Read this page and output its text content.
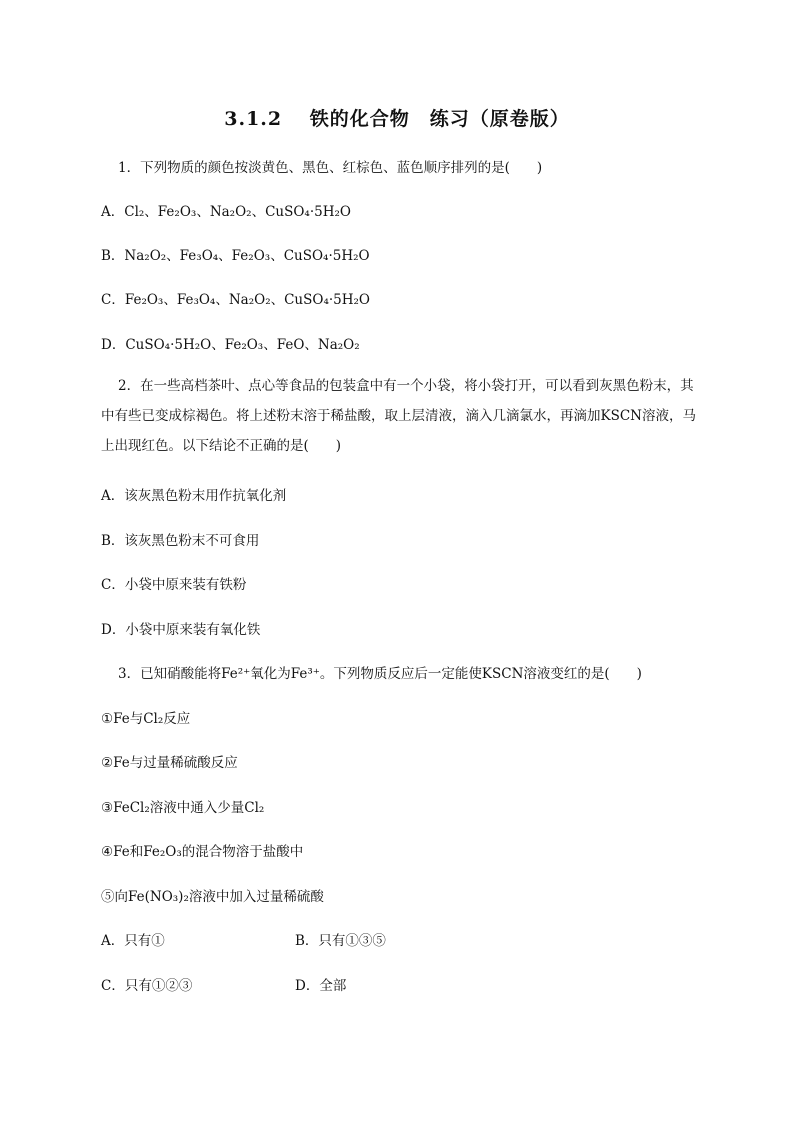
3.1.2　 铁的化合物　练习（原卷版）
1．下列物质的颜色按淡黄色、黑色、红棕色、蓝色顺序排列的是(　　)
A．Cl₂、Fe₂O₃、Na₂O₂、CuSO₄·5H₂O
B．Na₂O₂、Fe₃O₄、Fe₂O₃、CuSO₄·5H₂O
C．Fe₂O₃、Fe₃O₄、Na₂O₂、CuSO₄·5H₂O
D．CuSO₄·5H₂O、Fe₂O₃、FeO、Na₂O₂
2．在一些高档茶叶、点心等食品的包装盒中有一个小袋，将小袋打开，可以看到灰黑色粉末，其中有些已变成棕褐色。将上述粉末溶于稀盐酸，取上层清液，滴入几滴氯水，再滴加KSCN溶液，马上出现红色。以下结论不正确的是(　　)
A．该灰黑色粉末用作抗氧化剂
B．该灰黑色粉末不可食用
C．小袋中原来装有铁粉
D．小袋中原来装有氧化铁
3．已知硝酸能将Fe²⁺氧化为Fe³⁺。下列物质反应后一定能使KSCN溶液变红的是(　　)
①Fe与Cl₂反应
②Fe与过量稀硫酸反应
③FeCl₂溶液中通入少量Cl₂
④Fe和Fe₂O₃的混合物溶于盐酸中
⑤向Fe(NO₃)₂溶液中加入过量稀硫酸
A．只有①	B．只有①③⑤
C．只有①②③	D．全部
